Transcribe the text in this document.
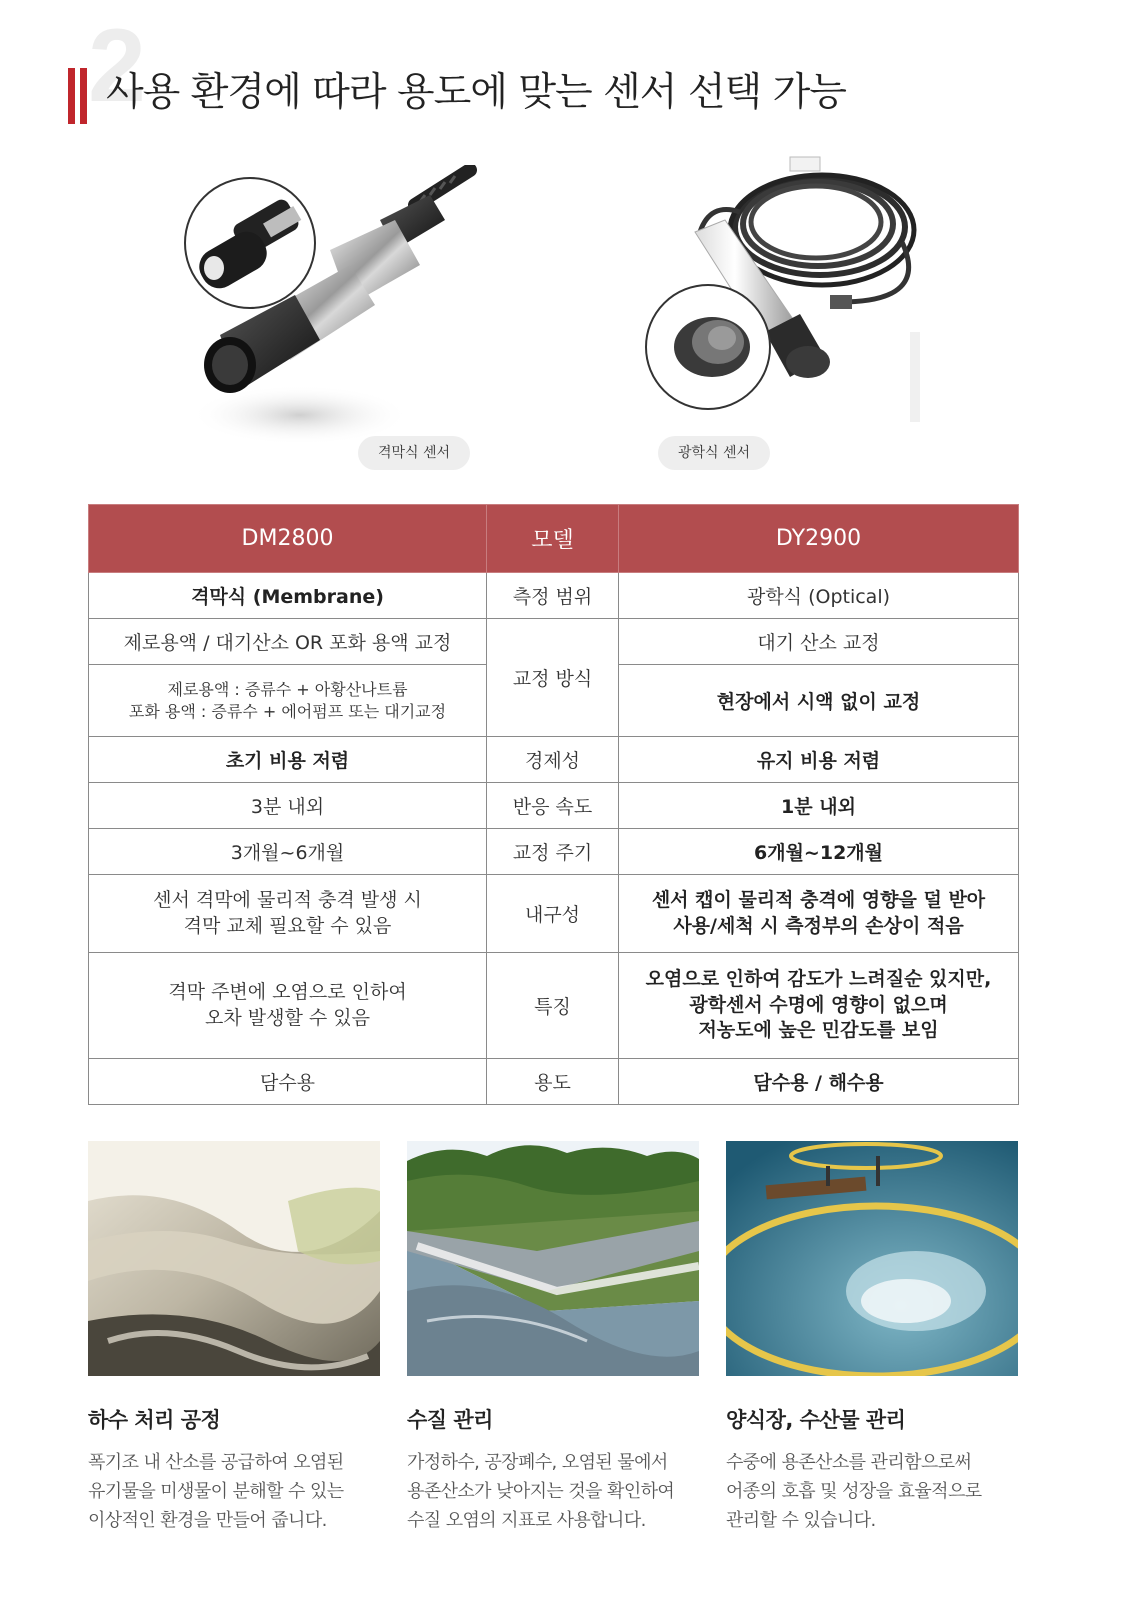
2
사용 환경에 따라 용도에 맞는 센서 선택 가능
격막식 센서	광학식 센서
DM2800	모델	DY2900
격막식 (Membrane)	측정 범위	광학식 (Optical)
제로용액 / 대기산소 OR 포화 용액 교정	교정 방식	대기 산소 교정

제로용액 : 증류수 + 아황산나트륨
포화 용액 : 증류수 + 에어펌프 또는 대기교정		현장에서 시액 없이 교정
초기 비용 저렴	경제성	유지 비용 저렴
3분 내외	반응 속도	1분 내외
3개월~6개월	교정 주기	6개월~12개월

센서 격막에 물리적 충격 발생 시
격막 교체 필요할 수 있음	내구성	센서 캡이 물리적 충격에 영향을 덜 받아
사용/세척 시 측정부의 손상이 적음

격막 주변에 오염으로 인하여
오차 발생할 수 있음	특징	오염으로 인하여 감도가 느려질순 있지만,
광학센서 수명에 영향이 없으며
저농도에 높은 민감도를 보임

담수용	용도	담수용 / 해수용
하수 처리 공정

폭기조 내 산소를 공급하여 오염된
유기물을 미생물이 분해할 수 있는
이상적인 환경을 만들어 줍니다.

수질 관리

가정하수, 공장폐수, 오염된 물에서
용존산소가 낮아지는 것을 확인하여
수질 오염의 지표로 사용합니다.

양식장, 수산물 관리

수중에 용존산소를 관리함으로써
어종의 호흡 및 성장을 효율적으로
관리할 수 있습니다.
